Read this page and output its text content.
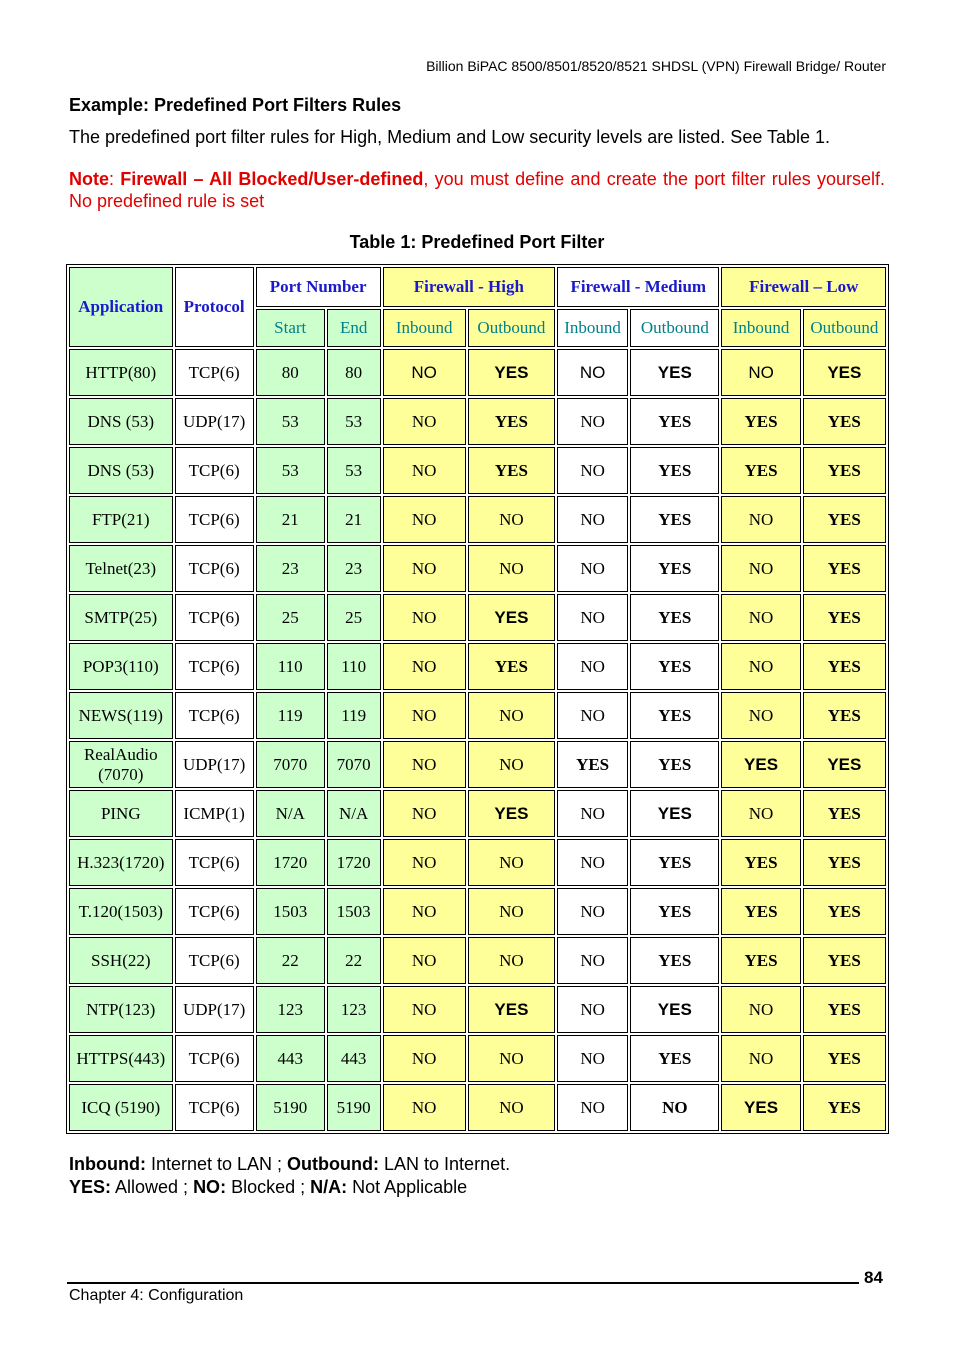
Billion BiPAC 8500/8501/8520/8521 SHDSL (VPN) Firewall Bridge/ Router
Example: Predefined Port Filters Rules
The predefined port filter rules for High, Medium and Low security levels are listed. See Table 1.
Note: Firewall – All Blocked/User-defined, you must define and create the port filter rules yourself. No predefined rule is set
Table 1: Predefined Port Filter
Application	Protocol	Port Number		Firewall - High		Firewall - Medium		Firewall – Low	
		Start	End	Inbound	Outbound	Inbound	Outbound	Inbound	Outbound
HTTP(80)	TCP(6)	80	80	NO	YES	NO	YES	NO	YES
DNS (53)	UDP(17)	53	53	NO	YES	NO	YES	YES	YES
DNS (53)	TCP(6)	53	53	NO	YES	NO	YES	YES	YES
FTP(21)	TCP(6)	21	21	NO	NO	NO	YES	NO	YES
Telnet(23)	TCP(6)	23	23	NO	NO	NO	YES	NO	YES
SMTP(25)	TCP(6)	25	25	NO	YES	NO	YES	NO	YES
POP3(110)	TCP(6)	110	110	NO	YES	NO	YES	NO	YES
NEWS(119)	TCP(6)	119	119	NO	NO	NO	YES	NO	YES
RealAudio (7070)	UDP(17)	7070	7070	NO	NO	YES	YES	YES	YES
PING	ICMP(1)	N/A	N/A	NO	YES	NO	YES	NO	YES
H.323(1720)	TCP(6)	1720	1720	NO	NO	NO	YES	YES	YES
T.120(1503)	TCP(6)	1503	1503	NO	NO	NO	YES	YES	YES
SSH(22)	TCP(6)	22	22	NO	NO	NO	YES	YES	YES
NTP(123)	UDP(17)	123	123	NO	YES	NO	YES	NO	YES
HTTPS(443)	TCP(6)	443	443	NO	NO	NO	YES	NO	YES
ICQ (5190)	TCP(6)	5190	5190	NO	NO	NO	NO	YES	YES
Inbound: Internet to LAN ; Outbound: LAN to Internet.
YES: Allowed ; NO: Blocked ; N/A: Not Applicable
84
Chapter 4: Configuration
